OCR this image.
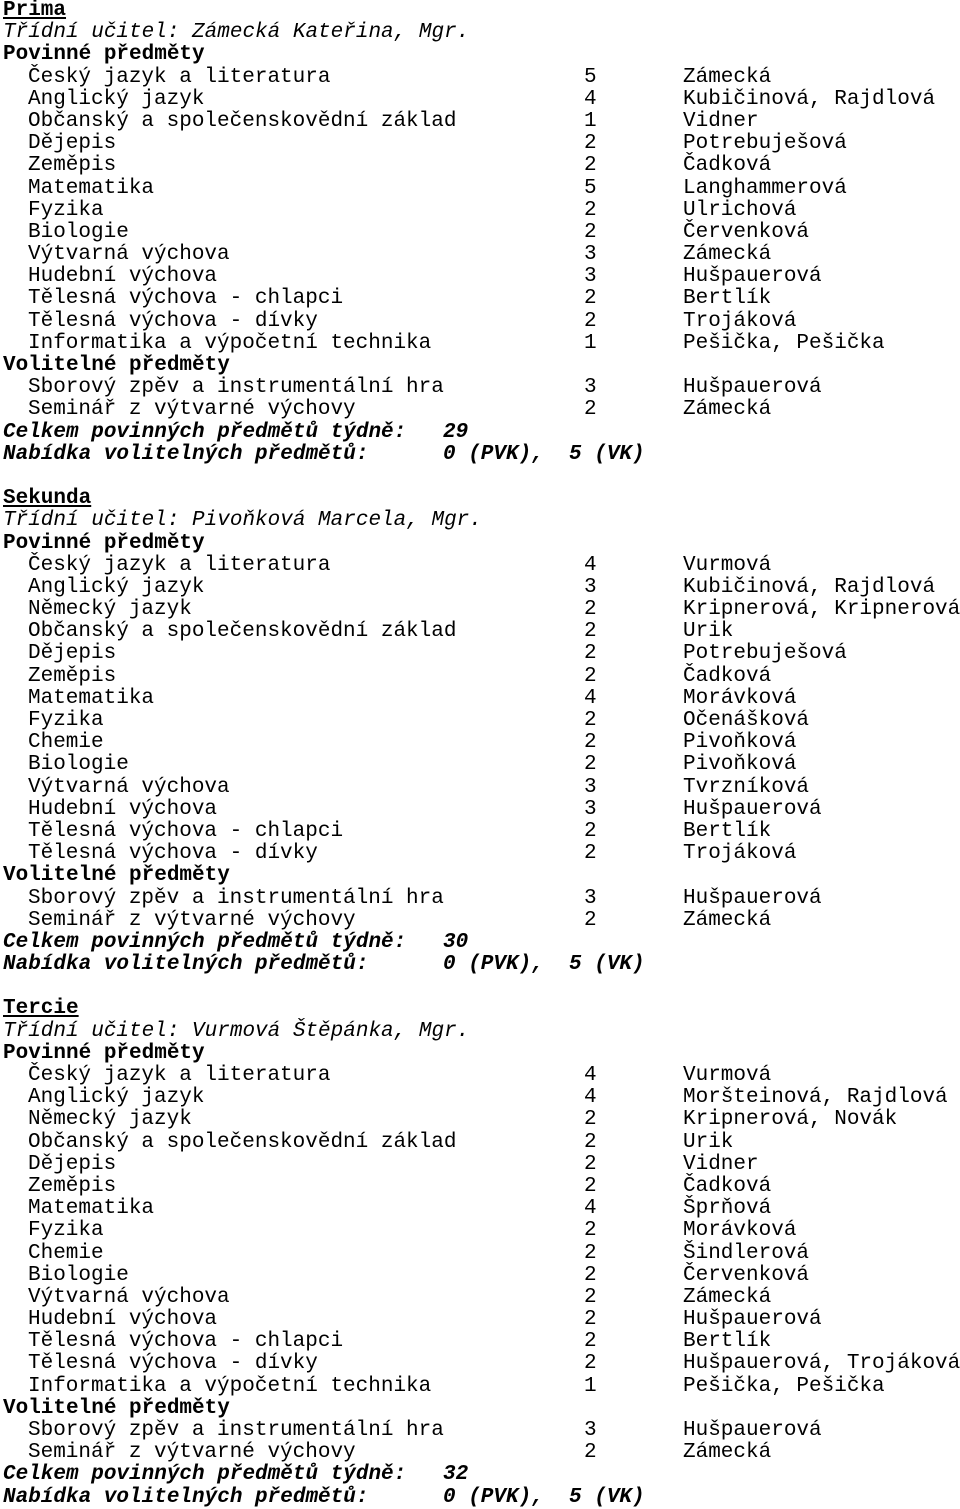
Prima
Třídní učitel: Zámecká Kateřina, Mgr.
Povinné předměty
Český jazyk a literatura	5	Zámecká
Anglický jazyk	4	Kubičinová, Rajdlová
Občanský a společenskovědní základ	1	Vidner
Dějepis	2	Potrebuješová
Zeměpis	2	Čadková
Matematika	5	Langhammerová
Fyzika	2	Ulrichová
Biologie	2	Červenková
Výtvarná výchova	3	Zámecká
Hudební výchova	3	Hušpauerová
Tělesná výchova - chlapci	2	Bertlík
Tělesná výchova - dívky	2	Trojáková
Informatika a výpočetní technika	1	Pešička, Pešička
Volitelné předměty
Sborový zpěv a instrumentální hra	3	Hušpauerová
Seminář z výtvarné výchovy	2	Zámecká
Celkem povinných předmětů týdně: 29
Nabídka volitelných předmětů:	0 (PVK),  5 (VK)
Sekunda
Třídní učitel: Pivoňková Marcela, Mgr.
Povinné předměty
Český jazyk a literatura	4	Vurmová
Anglický jazyk	3	Kubičinová, Rajdlová
Německý jazyk	2	Kripnerová, Kripnerová
Občanský a společenskovědní základ	2	Urik
Dějepis	2	Potrebuješová
Zeměpis	2	Čadková
Matematika	4	Morávková
Fyzika	2	Očenášková
Chemie	2	Pivoňková
Biologie	2	Pivoňková
Výtvarná výchova	3	Tvrzníková
Hudební výchova	3	Hušpauerová
Tělesná výchova - chlapci	2	Bertlík
Tělesná výchova - dívky	2	Trojáková
Volitelné předměty
Sborový zpěv a instrumentální hra	3	Hušpauerová
Seminář z výtvarné výchovy	2	Zámecká
Celkem povinných předmětů týdně: 30
Nabídka volitelných předmětů:	0 (PVK),  5 (VK)
Tercie
Třídní učitel: Vurmová Štěpánka, Mgr.
Povinné předměty
Český jazyk a literatura	4	Vurmová
Anglický jazyk	4	Moršteinová, Rajdlová
Německý jazyk	2	Kripnerová, Novák
Občanský a společenskovědní základ	2	Urik
Dějepis	2	Vidner
Zeměpis	2	Čadková
Matematika	4	Šprňová
Fyzika	2	Morávková
Chemie	2	Šindlerová
Biologie	2	Červenková
Výtvarná výchova	2	Zámecká
Hudební výchova	2	Hušpauerová
Tělesná výchova - chlapci	2	Bertlík
Tělesná výchova - dívky	2	Hušpauerová, Trojáková
Informatika a výpočetní technika	1	Pešička, Pešička
Volitelné předměty
Sborový zpěv a instrumentální hra	3	Hušpauerová
Seminář z výtvarné výchovy	2	Zámecká
Celkem povinných předmětů týdně: 32
Nabídka volitelných předmětů:	0 (PVK),  5 (VK)
